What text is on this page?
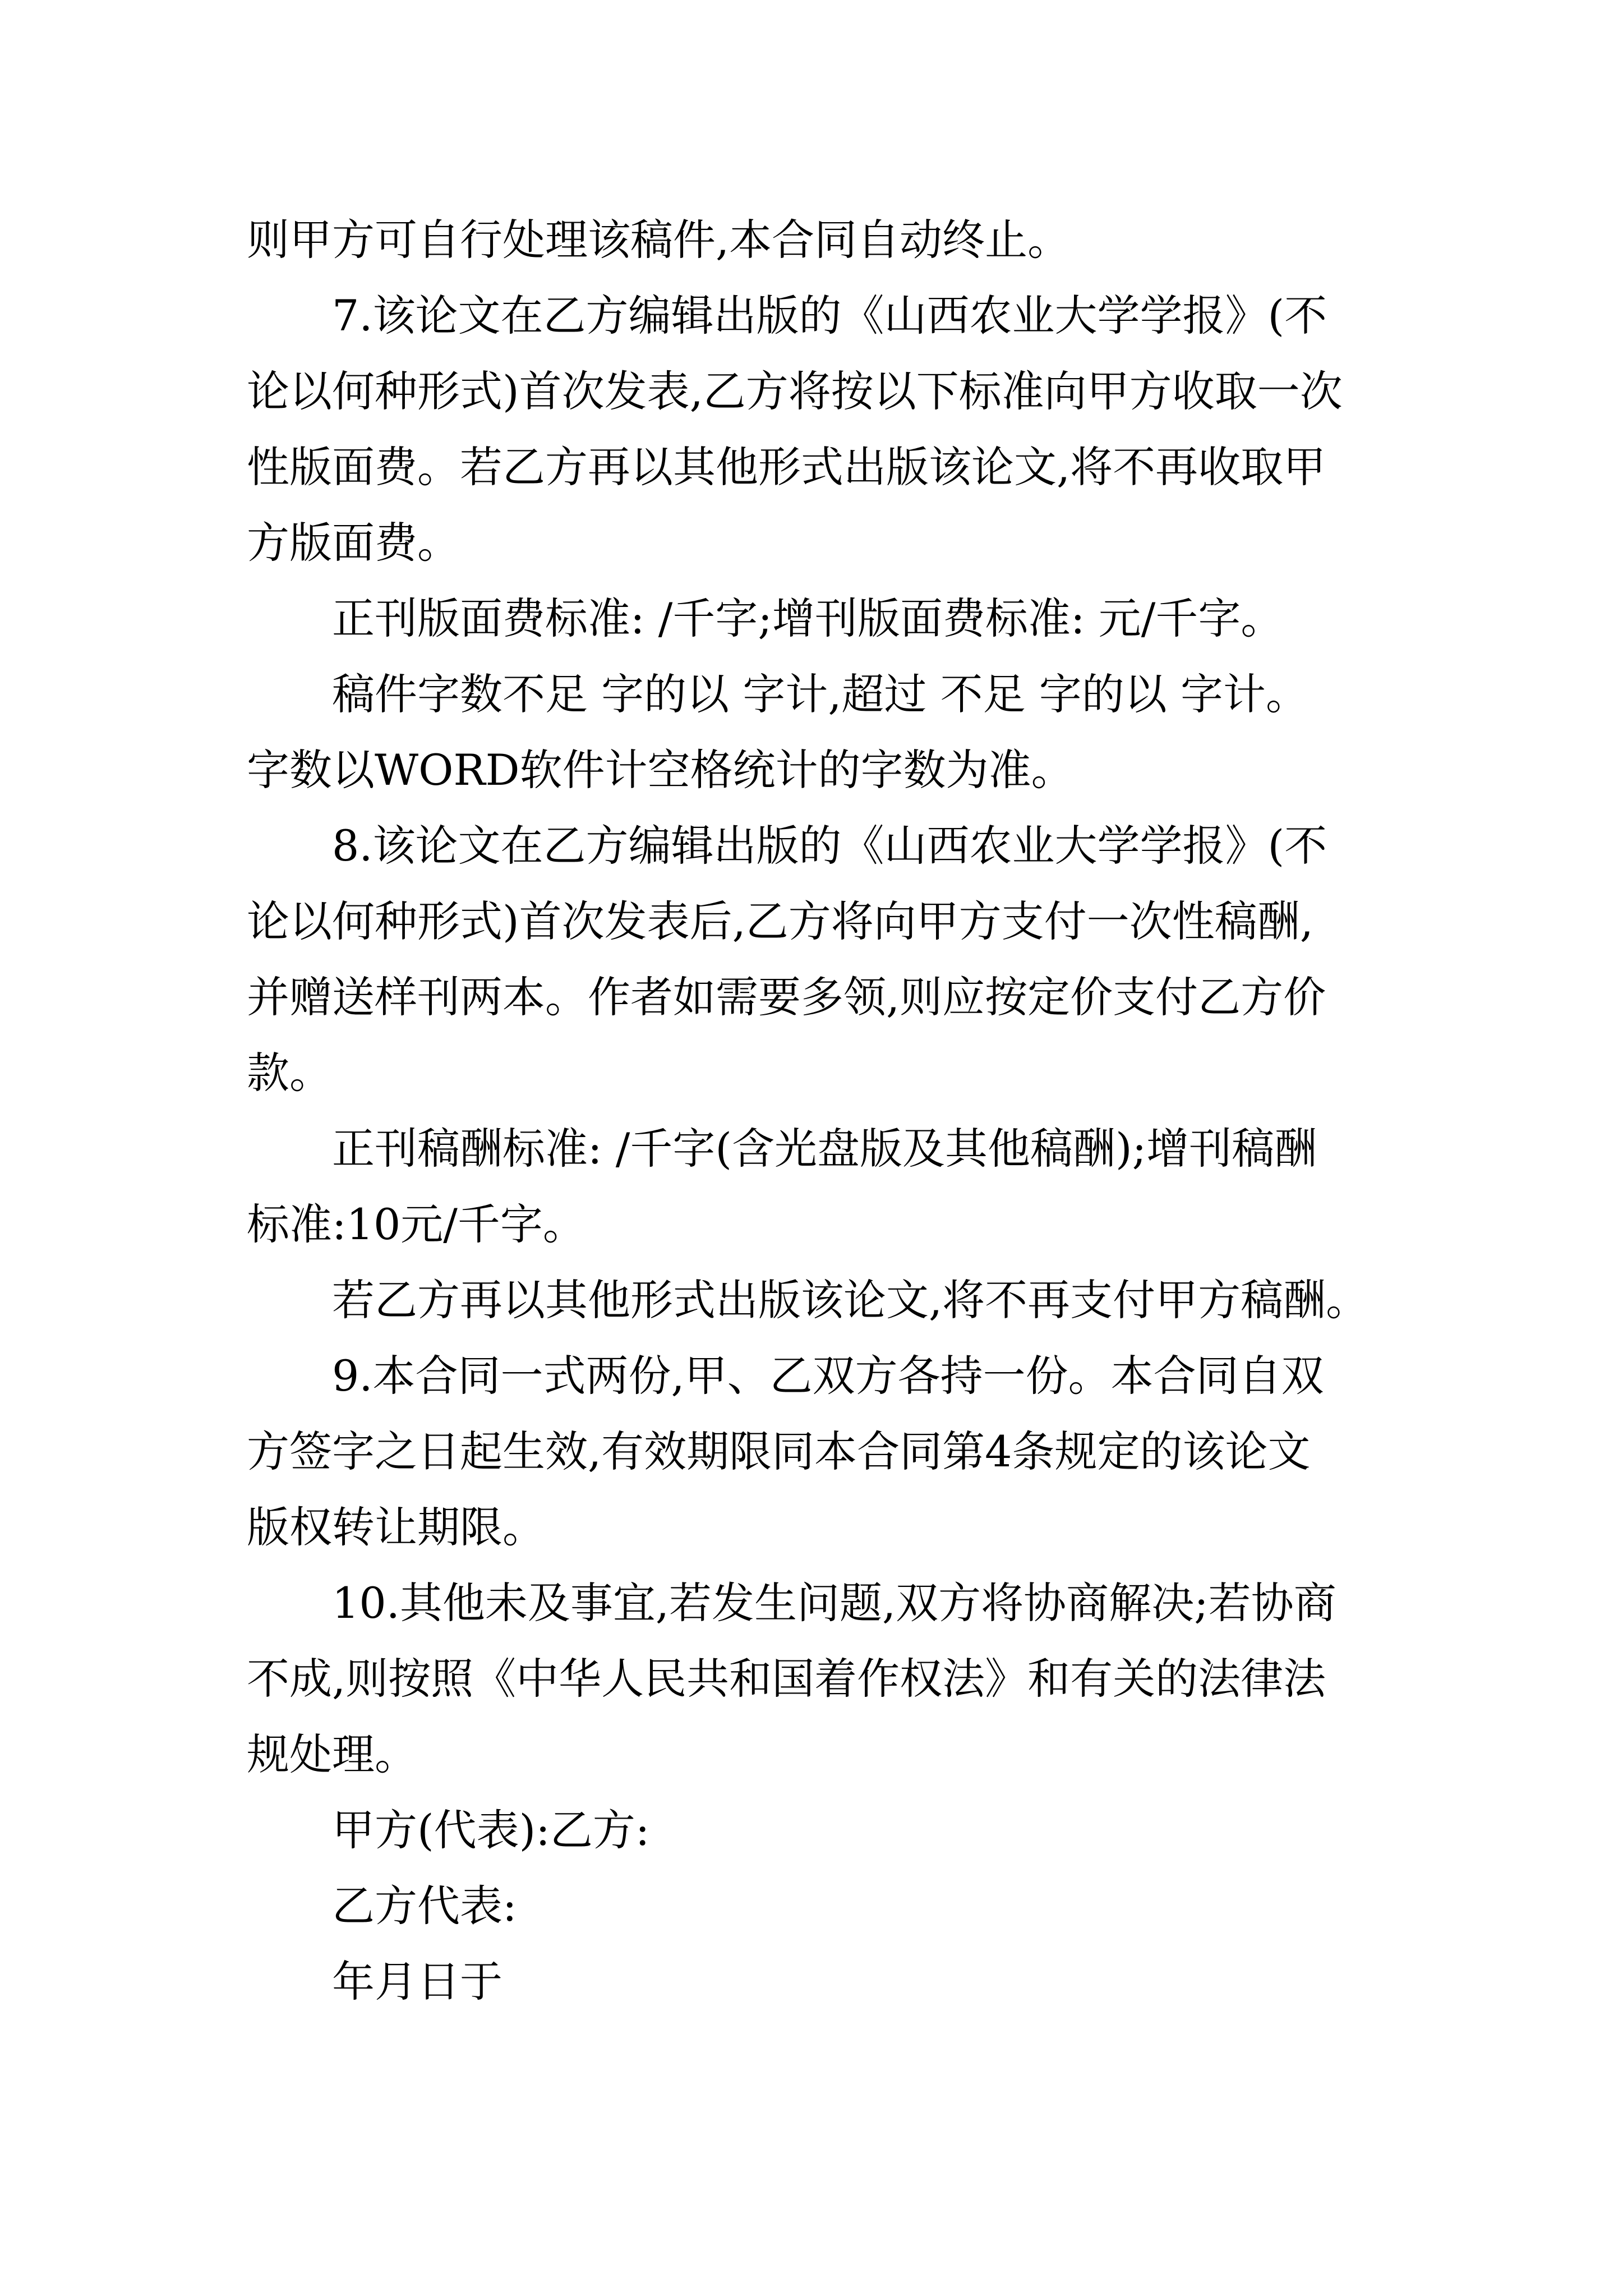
则甲方可自行处理该稿件,本合同自动终止。
7.该论文在乙方编辑出版的《山西农业大学学报》(不
论以何种形式)首次发表,乙方将按以下标准向甲方收取一次
性版面费。若乙方再以其他形式出版该论文,将不再收取甲
方版面费。
正刊版面费标准: /千字;增刊版面费标准: 元/千字。
稿件字数不足 字的以 字计,超过 不足 字的以 字计。
字数以WORD软件计空格统计的字数为准。
8.该论文在乙方编辑出版的《山西农业大学学报》(不
论以何种形式)首次发表后,乙方将向甲方支付一次性稿酬,
并赠送样刊两本。作者如需要多领,则应按定价支付乙方价
款。
正刊稿酬标准: /千字(含光盘版及其他稿酬);增刊稿酬
标准:10元/千字。
若乙方再以其他形式出版该论文,将不再支付甲方稿酬。
9.本合同一式两份,甲、乙双方各持一份。本合同自双
方签字之日起生效,有效期限同本合同第4条规定的该论文
版权转让期限。
10.其他未及事宜,若发生问题,双方将协商解决;若协商
不成,则按照《中华人民共和国着作权法》和有关的法律法
规处理。
甲方(代表):乙方:
乙方代表:
年月日于
